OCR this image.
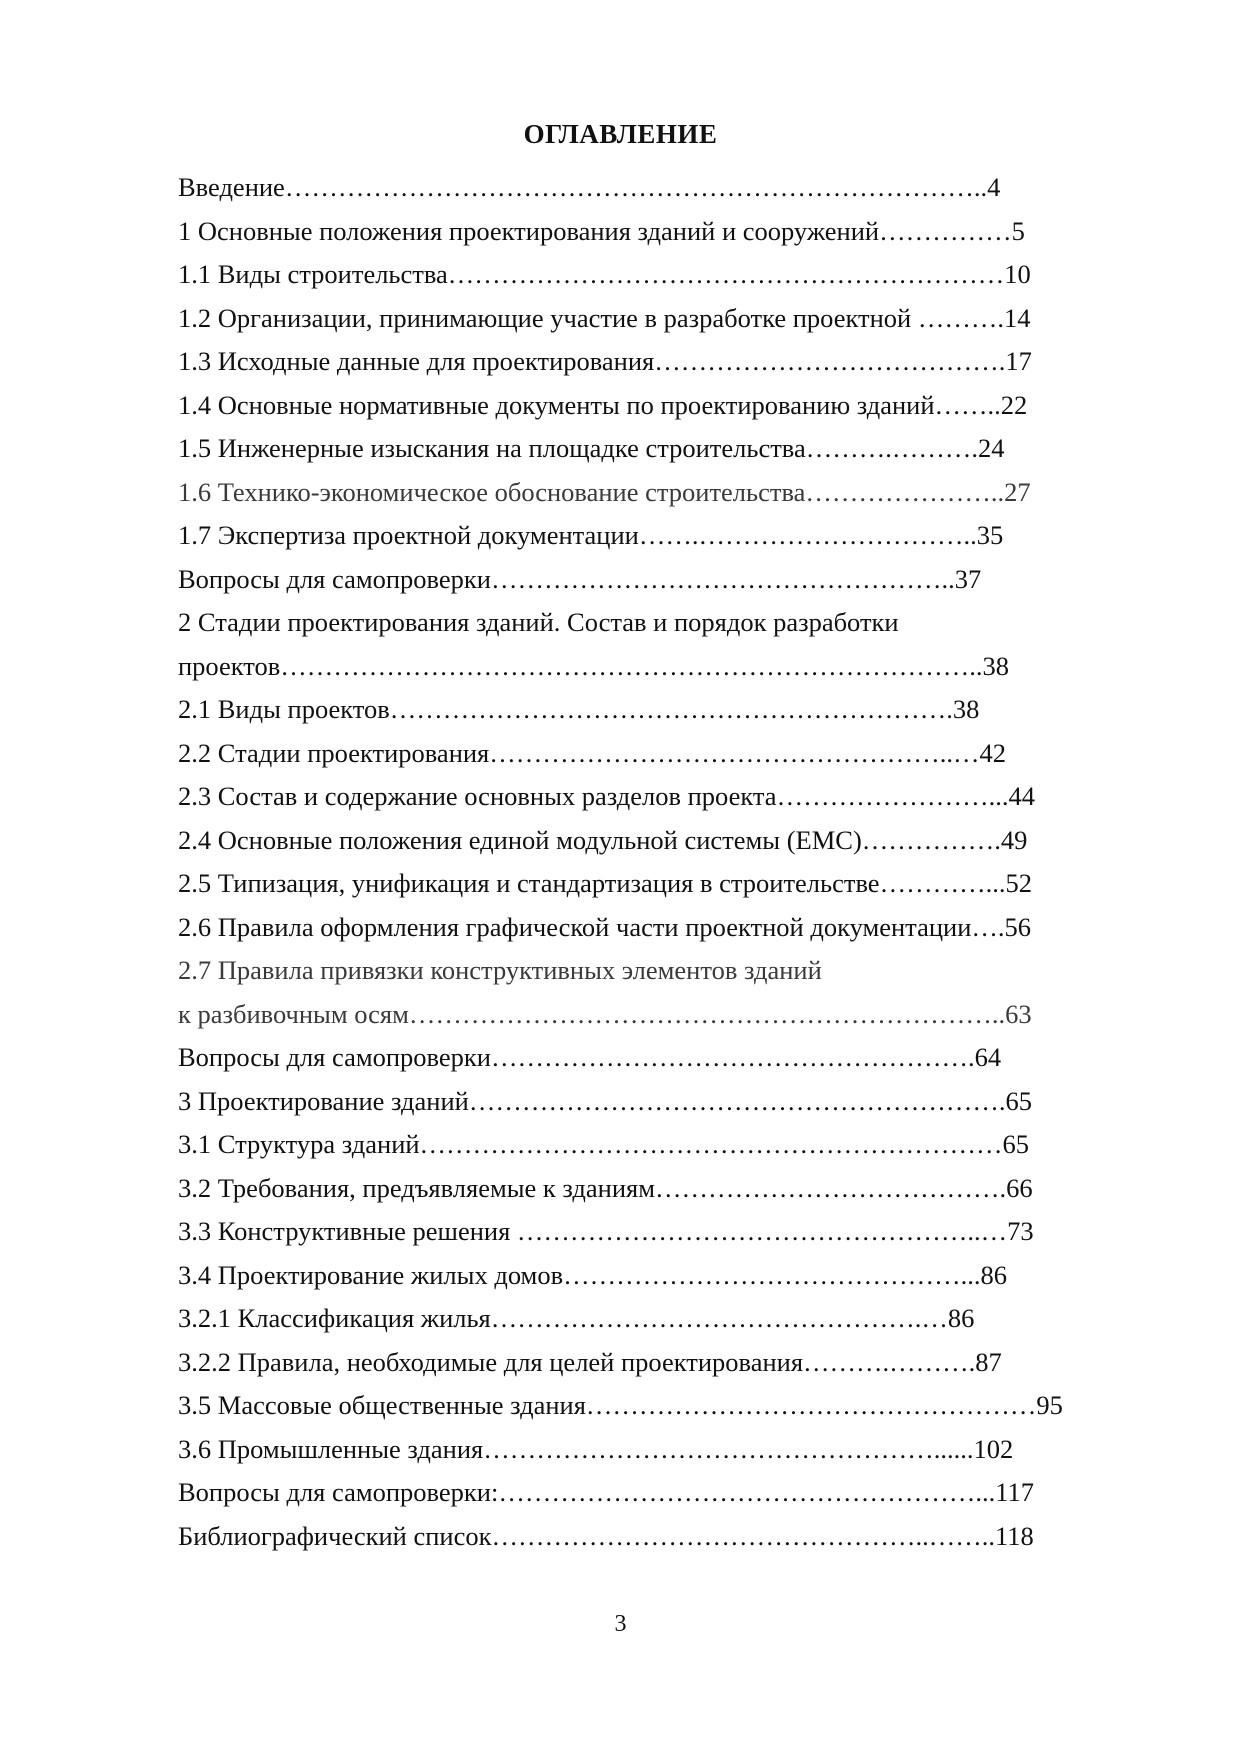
ОГЛАВЛЕНИЕ
Введение……………………………………………………………………..4
1 Основные положения проектирования зданий и сооружений……………5
1.1 Виды строительства………………………………………………………10
1.2 Организации, принимающие участие в разработке проектной ……….14
1.3 Исходные данные для проектирования………………………………….17
1.4 Основные нормативные документы по проектированию зданий……..22
1.5 Инженерные изыскания на площадке строительства……….……….24
1.6 Технико-экономическое обоснование строительства…………………..27
1.7 Экспертиза проектной документации…….…………………………..35
Вопросы для самопроверки……………………………………………..37
2 Стадии проектирования зданий. Состав и порядок разработки
проектов……………………………………………………………………..38
2.1 Виды проектов……………………………………………………….38
2.2 Стадии проектирования……………………………………………..…42
2.3 Состав и содержание основных разделов проекта……………………...44
2.4 Основные положения единой модульной системы (ЕМС)…………….49
2.5 Типизация, унификация и стандартизация в строительстве…………...52
2.6 Правила оформления графической части проектной документации….56
2.7 Правила привязки конструктивных элементов зданий
к разбивочным осям…………………………………………………………..63
Вопросы для самопроверки……………………………………………….64
3 Проектирование зданий…………………………………………………….65
3.1 Структура зданий…………………………………………………………65
3.2 Требования, предъявляемые к зданиям………………………………….66
3.3 Конструктивные решения ……………………………………………..…73
3.4 Проектирование жилых домов………………………………………...86
3.2.1 Классификация жилья………………………………………….…86
3.2.2 Правила, необходимые для целей проектирования……….……….87
3.5 Массовые общественные здания……………………………………………95
3.6 Промышленные здания……………………………………………......102
Вопросы для самопроверки:………………………………………………...117
Библиографический список…………………………………………..……..118
3
